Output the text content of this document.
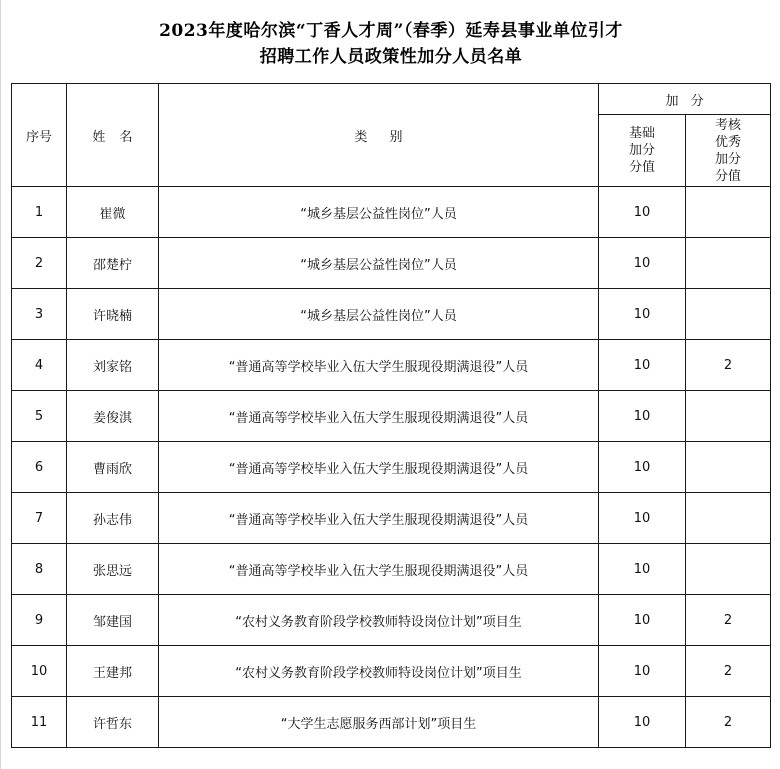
2023年度哈尔滨“丁香人才周”（春季）延寿县事业单位引才
招聘工作人员政策性加分人员名单
序号	姓 名	类 别	加 分	
			基础加分分值	考核优秀加分分值
1	崔微	“城乡基层公益性岗位”人员	10	
2	邵楚柠	“城乡基层公益性岗位”人员	10	
3	许晓楠	“城乡基层公益性岗位”人员	10	
4	刘家铭	“普通高等学校毕业入伍大学生服现役期满退役”人员	10	2
5	姜俊淇	“普通高等学校毕业入伍大学生服现役期满退役”人员	10	
6	曹雨欣	“普通高等学校毕业入伍大学生服现役期满退役”人员	10	
7	孙志伟	“普通高等学校毕业入伍大学生服现役期满退役”人员	10	
8	张思远	“普通高等学校毕业入伍大学生服现役期满退役”人员	10	
9	邹建国	“农村义务教育阶段学校教师特设岗位计划”项目生	10	2
10	王建邦	“农村义务教育阶段学校教师特设岗位计划”项目生	10	2
11	许哲东	“大学生志愿服务西部计划”项目生	10	2
